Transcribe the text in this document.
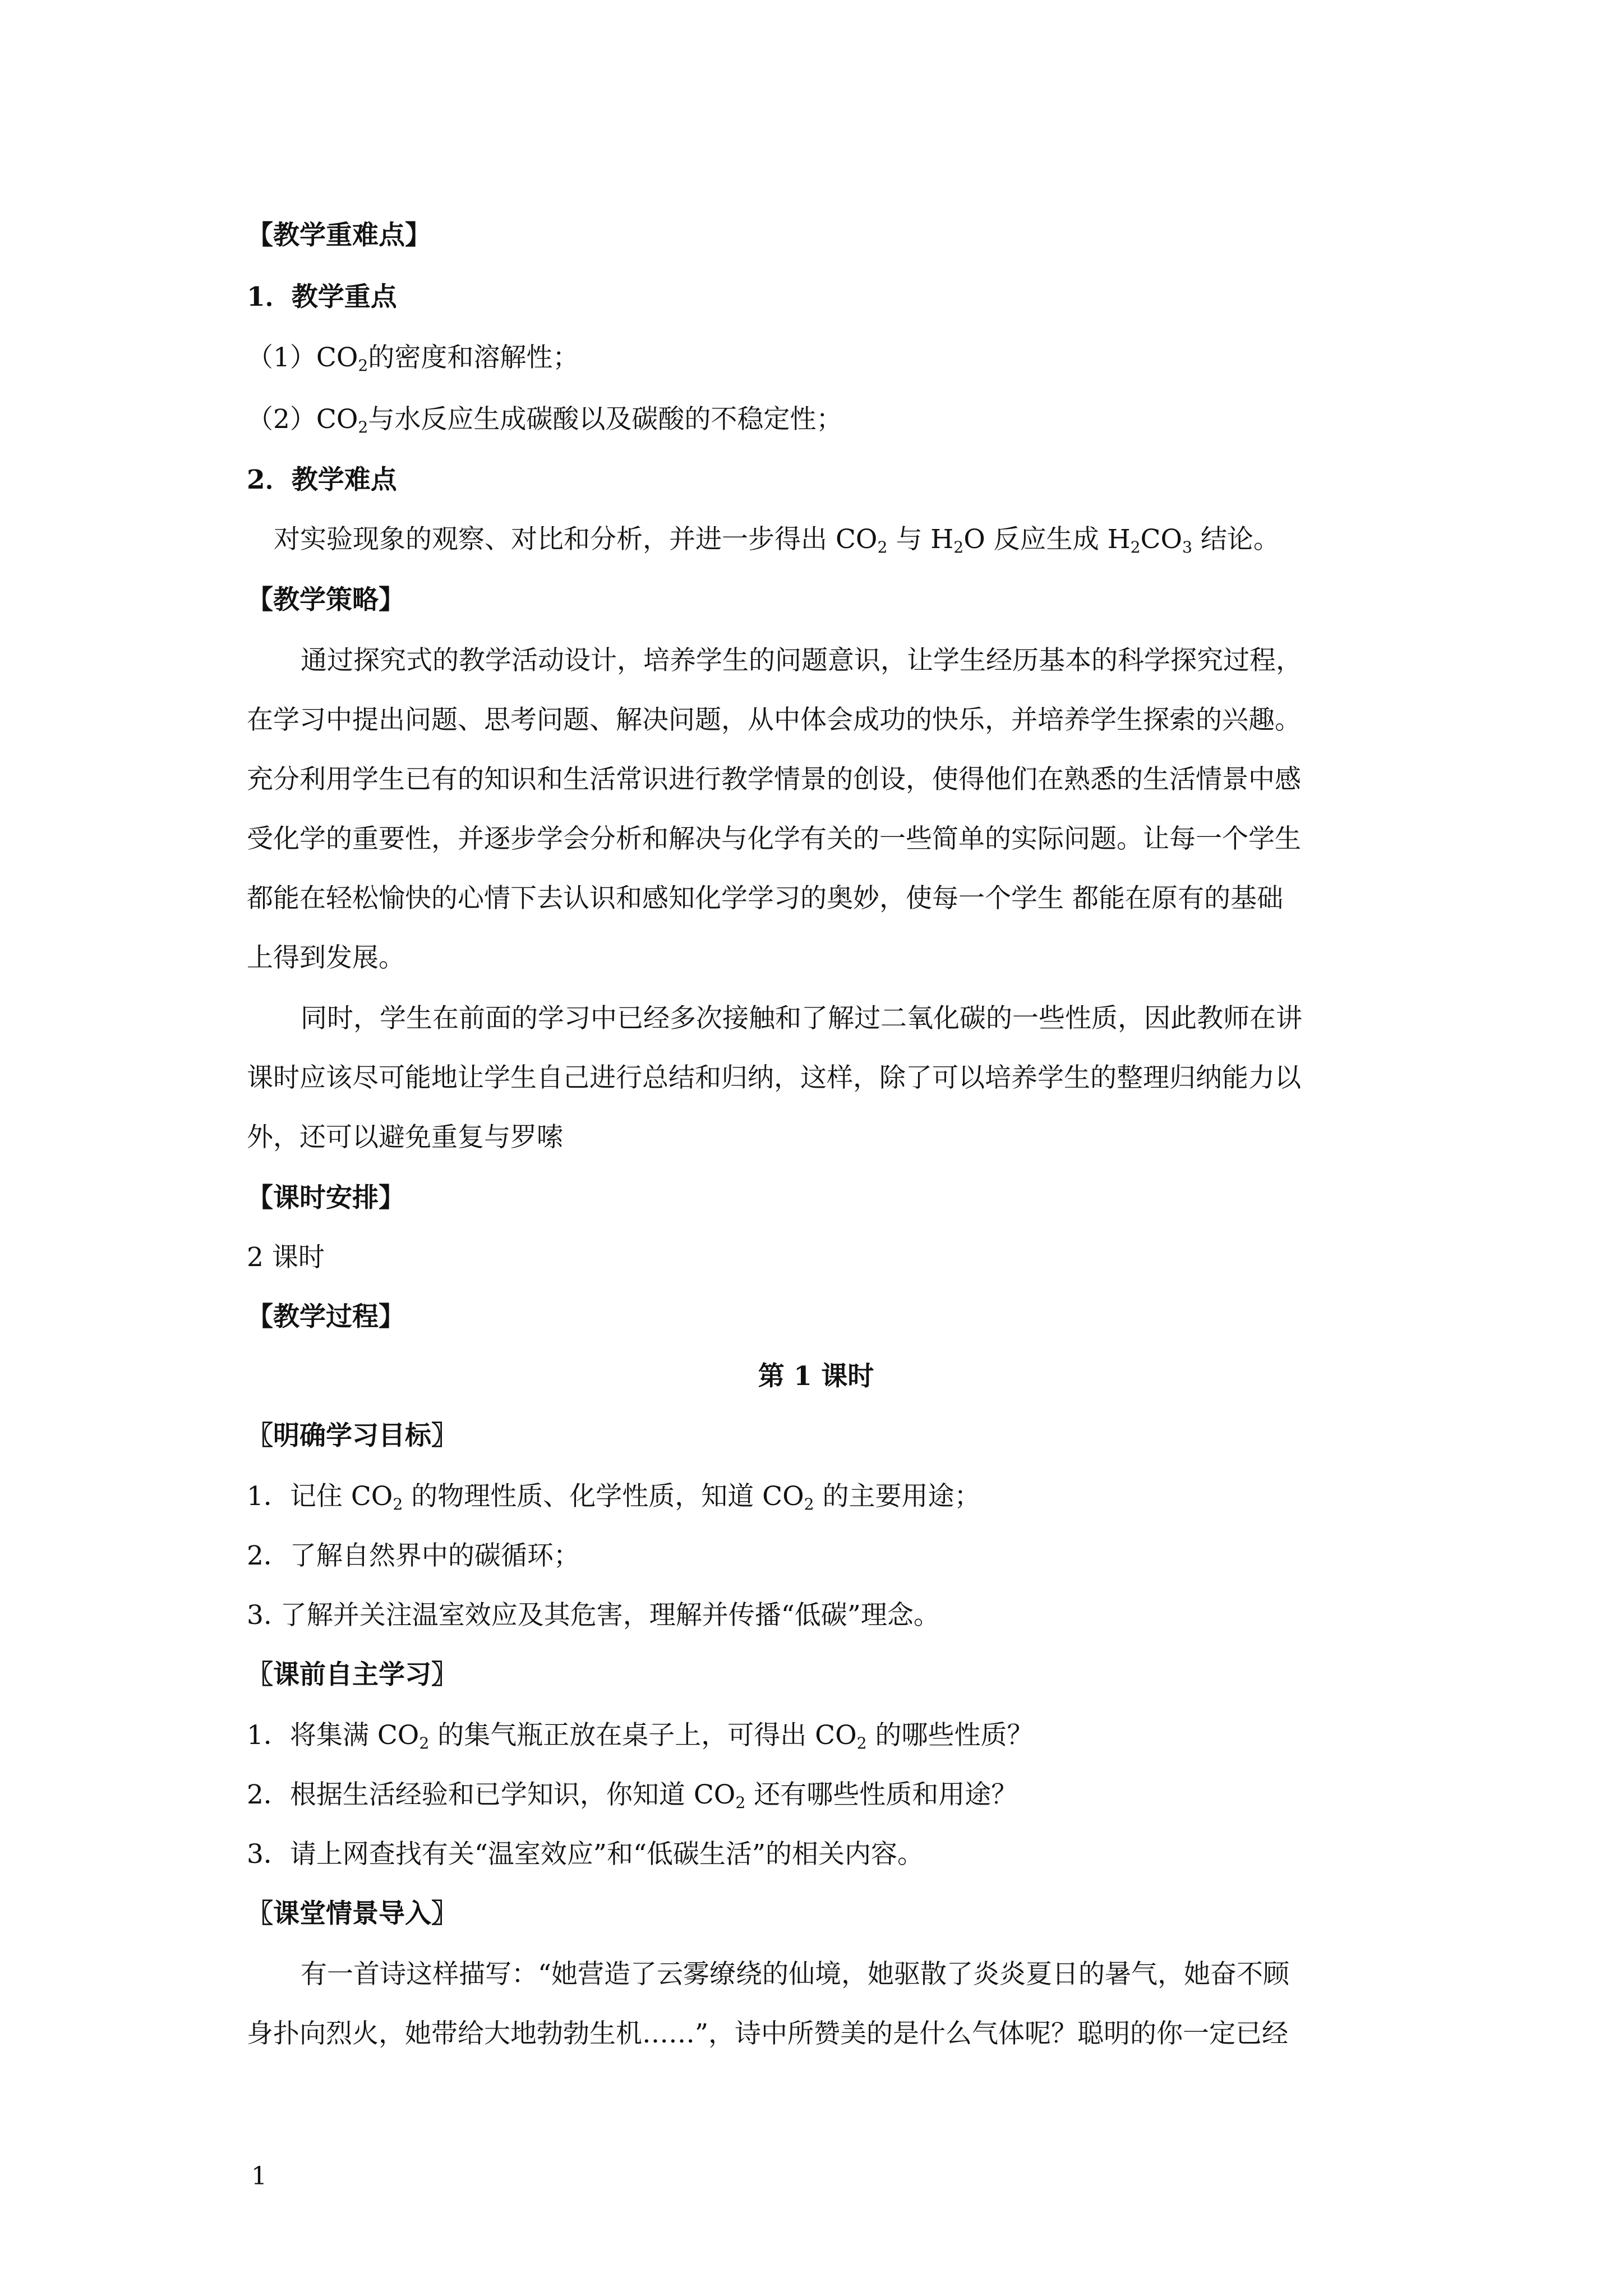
【教学重难点】
1．教学重点
$(1)CO_2$的密度和溶解性；
$(2)CO_2$与水反应生成碳酸以及碳酸的不稳定性；
2．教学难点
对实验现象的观察、对比和分析，并进一步得出 $CO_2$ 与 $H_2O$ 反应生成 $H_2CO_3$ 结论。
【教学策略】
通过探究式的教学活动设计，培养学生的问题意识，让学生经历基本的科学探究过程，
在学习中提出问题、思考问题、解决问题，从中体会成功的快乐，并培养学生探索的兴趣。
充分利用学生已有的知识和生活常识进行教学情景的创设，使得他们在熟悉的生活情景中感
受化学的重要性，并逐步学会分析和解决与化学有关的一些简单的实际问题。让每一个学生
都能在轻松愉快的心情下去认识和感知化学学习的奥妙，使每一个学生 都能在原有的基础
上得到发展。
同时，学生在前面的学习中已经多次接触和了解过二氧化碳的一些性质，因此教师在讲
课时应该尽可能地让学生自己进行总结和归纳，这样，除了可以培养学生的整理归纳能力以
外，还可以避免重复与罗嗦
【课时安排】
2 课时
【教学过程】
第 1 课时
〖明确学习目标〗
1．记住 $CO_2$ 的物理性质、化学性质，知道 $CO_2$ 的主要用途；
2．了解自然界中的碳循环；
3. 了解并关注温室效应及其危害，理解并传播“低碳”理念。
〖课前自主学习〗
1．将集满 $CO_2$ 的集气瓶正放在桌子上，可得出 $CO_2$ 的哪些性质？
2．根据生活经验和已学知识，你知道 $CO_2$ 还有哪些性质和用途？
3．请上网查找有关“温室效应”和“低碳生活”的相关内容。
〖课堂情景导入〗
有一首诗这样描写：“她营造了云雾缭绕的仙境，她驱散了炎炎夏日的暑气，她奋不顾
身扑向烈火，她带给大地勃勃生机……”，诗中所赞美的是什么气体呢？聪明的你一定已经
1
